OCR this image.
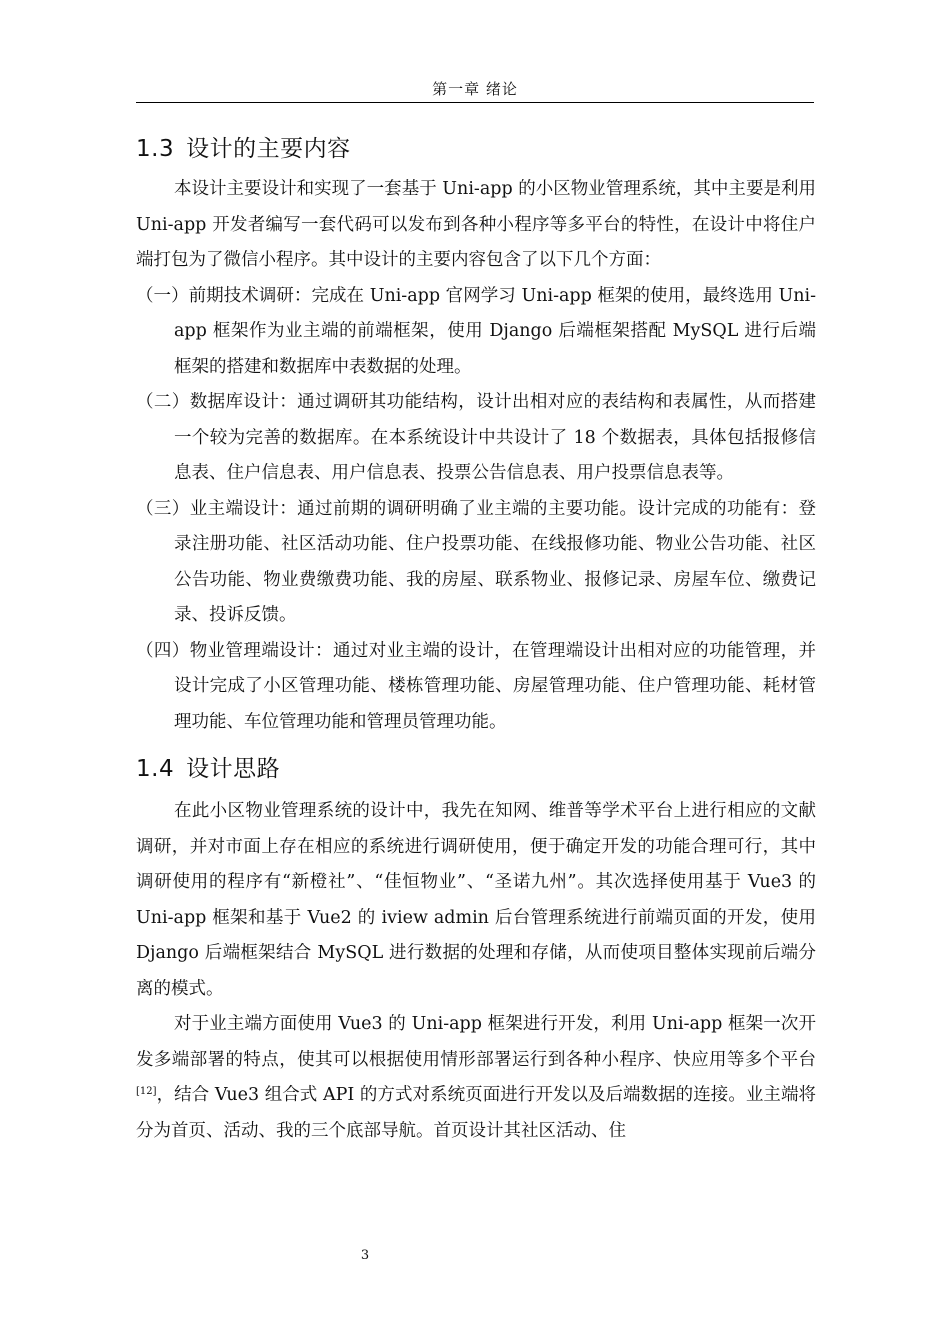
第一章 绪论
1.3 设计的主要内容

本设计主要设计和实现了一套基于 Uni-app 的小区物业管理系统，其中主要是利用 Uni-app 开发者编写一套代码可以发布到各种小程序等多平台的特性，在设计中将住户端打包为了微信小程序。其中设计的主要内容包含了以下几个方面：

（一）前期技术调研：完成在 Uni-app 官网学习 Uni-app 框架的使用，最终选用 Uni-app 框架作为业主端的前端框架，使用 Django 后端框架搭配 MySQL 进行后端框架的搭建和数据库中表数据的处理。

（二）数据库设计：通过调研其功能结构，设计出相对应的表结构和表属性，从而搭建一个较为完善的数据库。在本系统设计中共设计了 18 个数据表，具体包括报修信息表、住户信息表、用户信息表、投票公告信息表、用户投票信息表等。

（三）业主端设计：通过前期的调研明确了业主端的主要功能。设计完成的功能有：登录注册功能、社区活动功能、住户投票功能、在线报修功能、物业公告功能、社区公告功能、物业费缴费功能、我的房屋、联系物业、报修记录、房屋车位、缴费记录、投诉反馈。

（四）物业管理端设计：通过对业主端的设计，在管理端设计出相对应的功能管理，并设计完成了小区管理功能、楼栋管理功能、房屋管理功能、住户管理功能、耗材管理功能、车位管理功能和管理员管理功能。

1.4 设计思路

在此小区物业管理系统的设计中，我先在知网、维普等学术平台上进行相应的文献调研，并对市面上存在相应的系统进行调研使用，便于确定开发的功能合理可行，其中调研使用的程序有“新橙社”、“佳恒物业”、“圣诺九州”。其次选择使用基于 Vue3 的 Uni-app 框架和基于 Vue2 的 iview admin 后台管理系统进行前端页面的开发，使用 Django 后端框架结合 MySQL 进行数据的处理和存储，从而使项目整体实现前后端分离的模式。

对于业主端方面使用 Vue3 的 Uni-app 框架进行开发，利用 Uni-app 框架一次开发多端部署的特点，使其可以根据使用情形部署运行到各种小程序、快应用等多个平台[12]，结合 Vue3 组合式 API 的方式对系统页面进行开发以及后端数据的连接。业主端将分为首页、活动、我的三个底部导航。首页设计其社区活动、住

3
